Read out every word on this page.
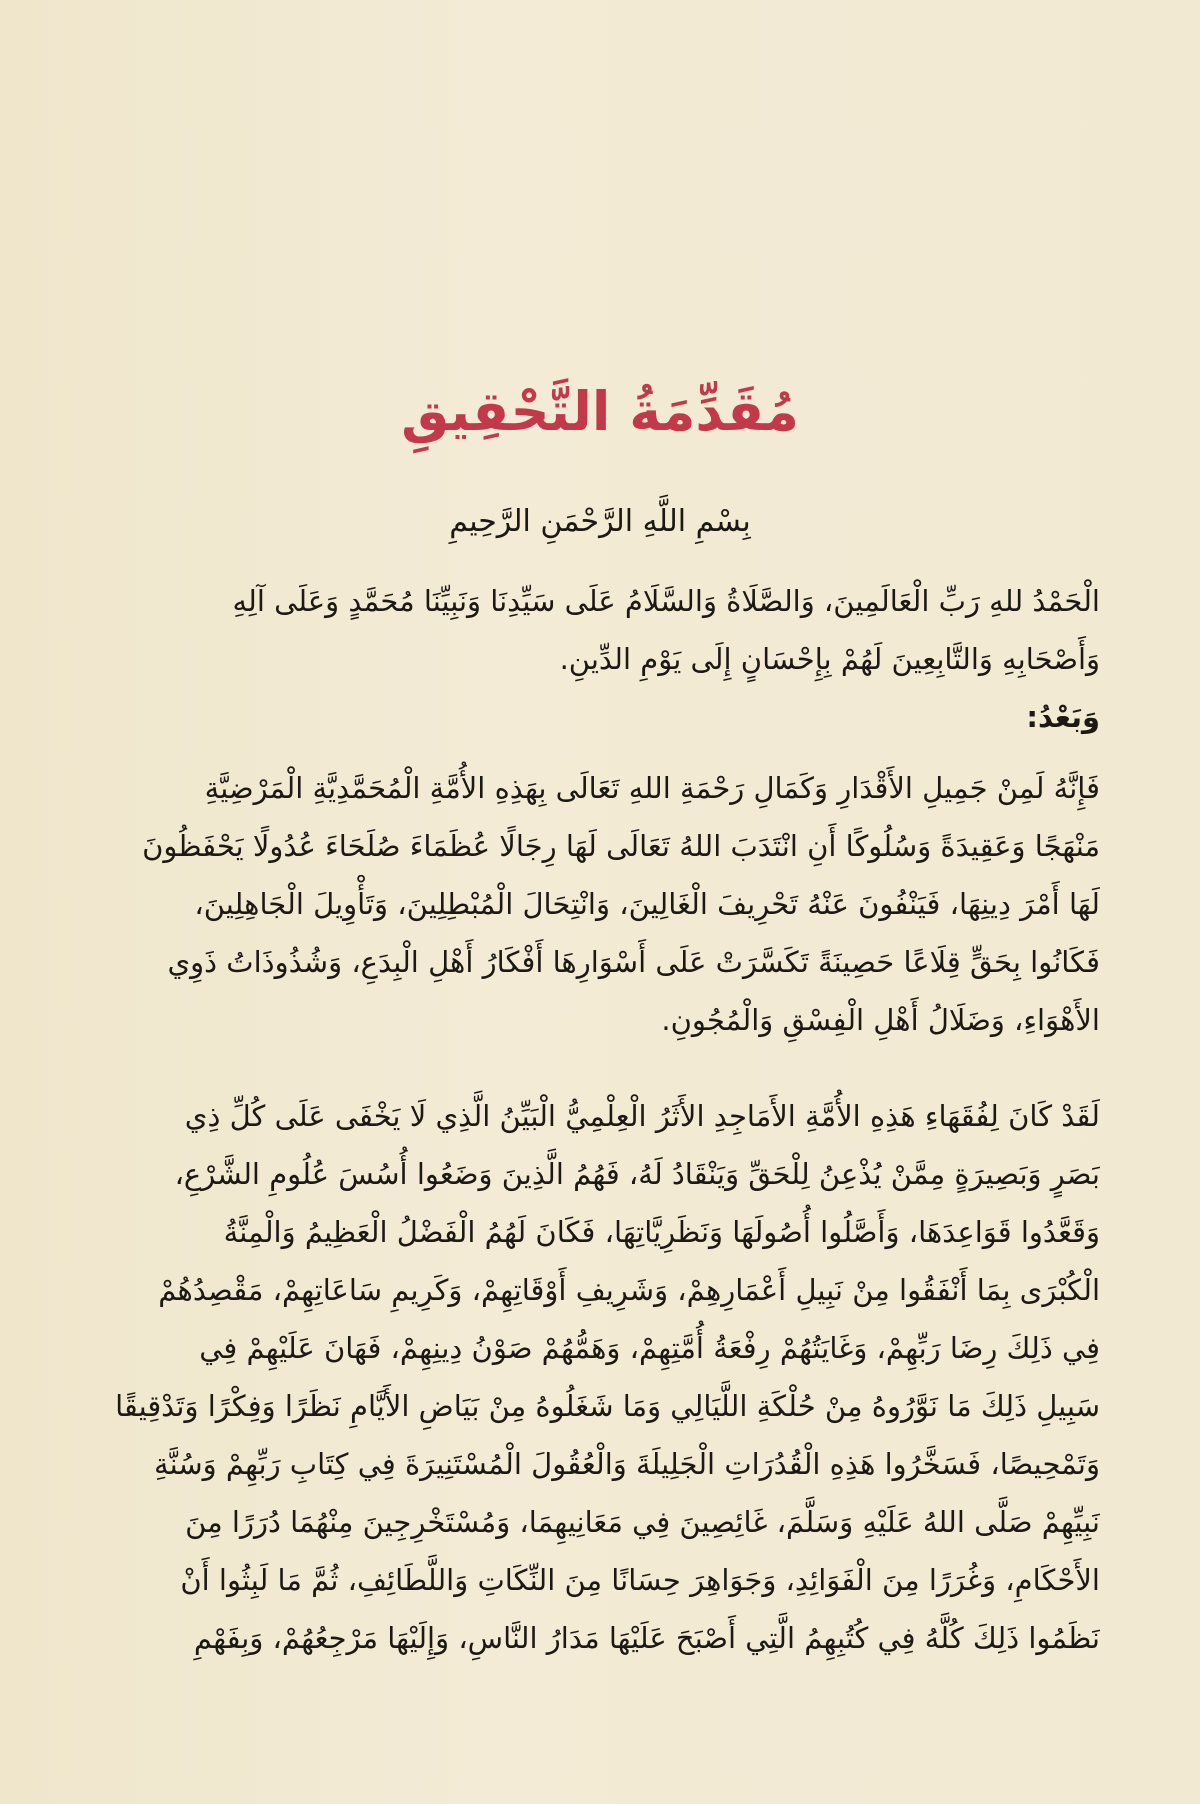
مُقَدِّمَةُ التَّحْقِيقِ
بِسْمِ اللَّهِ الرَّحْمَنِ الرَّحِيمِ
الْحَمْدُ للهِ رَبِّ الْعَالَمِينَ، وَالصَّلَاةُ وَالسَّلَامُ عَلَى سَيِّدِنَا وَنَبِيِّنَا مُحَمَّدٍ وَعَلَى آلِهِ
وَأَصْحَابِهِ وَالتَّابِعِينَ لَهُمْ بِإِحْسَانٍ إِلَى يَوْمِ الدِّينِ.
وَبَعْدُ:
فَإِنَّهُ لَمِنْ جَمِيلِ الأَقْدَارِ وَكَمَالِ رَحْمَةِ اللهِ تَعَالَى بِهَذِهِ الأُمَّةِ الْمُحَمَّدِيَّةِ الْمَرْضِيَّةِ
مَنْهَجًا وَعَقِيدَةً وَسُلُوكًا أَنِ انْتَدَبَ اللهُ تَعَالَى لَهَا رِجَالًا عُظَمَاءَ صُلَحَاءَ عُدُولًا يَحْفَظُونَ
لَهَا أَمْرَ دِينِهَا، فَيَنْفُونَ عَنْهُ تَحْرِيفَ الْغَالِينَ، وَانْتِحَالَ الْمُبْطِلِينَ، وَتَأْوِيلَ الْجَاهِلِينَ،
فَكَانُوا بِحَقٍّ قِلَاعًا حَصِينَةً تَكَسَّرَتْ عَلَى أَسْوَارِهَا أَفْكَارُ أَهْلِ الْبِدَعِ، وَشُذُوذَاتُ ذَوِي
الأَهْوَاءِ، وَضَلَالُ أَهْلِ الْفِسْقِ وَالْمُجُونِ.
لَقَدْ كَانَ لِفُقَهَاءِ هَذِهِ الأُمَّةِ الأَمَاجِدِ الأَثَرُ الْعِلْمِيُّ الْبَيِّنُ الَّذِي لَا يَخْفَى عَلَى كُلِّ ذِي
بَصَرٍ وَبَصِيرَةٍ مِمَّنْ يُذْعِنُ لِلْحَقِّ وَيَنْقَادُ لَهُ، فَهُمُ الَّذِينَ وَضَعُوا أُسُسَ عُلُومِ الشَّرْعِ،
وَقَعَّدُوا قَوَاعِدَهَا، وَأَصَّلُوا أُصُولَهَا وَنَظَرِيَّاتِهَا، فَكَانَ لَهُمُ الْفَضْلُ الْعَظِيمُ وَالْمِنَّةُ
الْكُبْرَى بِمَا أَنْفَقُوا مِنْ نَبِيلِ أَعْمَارِهِمْ، وَشَرِيفِ أَوْقَاتِهِمْ، وَكَرِيمِ سَاعَاتِهِمْ، مَقْصِدُهُمْ
فِي ذَلِكَ رِضَا رَبِّهِمْ، وَغَايَتُهُمْ رِفْعَةُ أُمَّتِهِمْ، وَهَمُّهُمْ صَوْنُ دِينِهِمْ، فَهَانَ عَلَيْهِمْ فِي
سَبِيلِ ذَلِكَ مَا نَوَّرُوهُ مِنْ حُلْكَةِ اللَّيَالِي وَمَا شَغَلُوهُ مِنْ بَيَاضِ الأَيَّامِ نَظَرًا وَفِكْرًا وَتَدْقِيقًا
وَتَمْحِيصًا، فَسَخَّرُوا هَذِهِ الْقُدُرَاتِ الْجَلِيلَةَ وَالْعُقُولَ الْمُسْتَنِيرَةَ فِي كِتَابِ رَبِّهِمْ وَسُنَّةِ
نَبِيِّهِمْ صَلَّى اللهُ عَلَيْهِ وَسَلَّمَ، غَائِصِينَ فِي مَعَانِيهِمَا، وَمُسْتَخْرِجِينَ مِنْهُمَا دُرَرًا مِنَ
الأَحْكَامِ، وَغُرَرًا مِنَ الْفَوَائِدِ، وَجَوَاهِرَ حِسَانًا مِنَ النِّكَاتِ وَاللَّطَائِفِ، ثُمَّ مَا لَبِثُوا أَنْ
نَظَمُوا ذَلِكَ كُلَّهُ فِي كُتُبِهِمُ الَّتِي أَصْبَحَ عَلَيْهَا مَدَارُ النَّاسِ، وَإِلَيْهَا مَرْجِعُهُمْ، وَبِفَهْمِ
